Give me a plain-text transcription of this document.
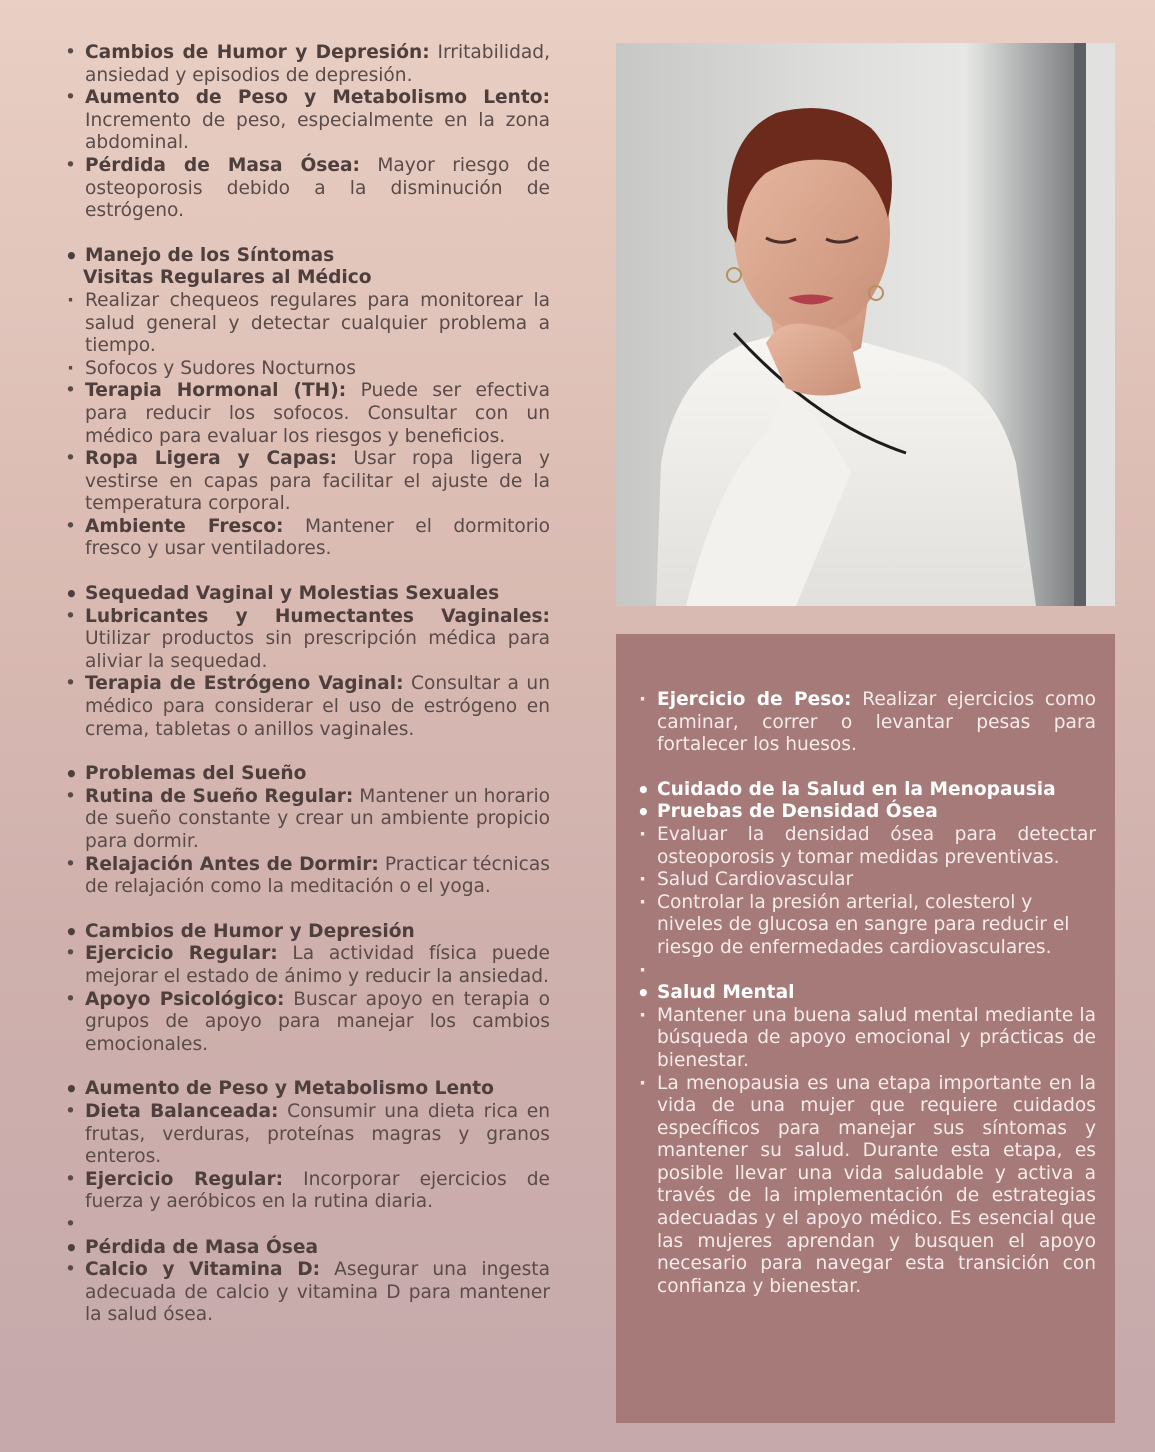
• Cambios de Humor y Depresión: Irritabilidad, ansiedad y episodios de depresión.
• Aumento de Peso y Metabolismo Lento: Incremento de peso, especialmente en la zona abdominal.
• Pérdida de Masa Ósea: Mayor riesgo de osteoporosis debido a la disminución de estrógeno.
• Manejo de los Síntomas
Visitas Regulares al Médico
· Realizar chequeos regulares para monitorear la salud general y detectar cualquier problema a tiempo.
· Sofocos y Sudores Nocturnos
• Terapia Hormonal (TH): Puede ser efectiva para reducir los sofocos. Consultar con un médico para evaluar los riesgos y beneficios.
• Ropa Ligera y Capas: Usar ropa ligera y vestirse en capas para facilitar el ajuste de la temperatura corporal.
• Ambiente Fresco: Mantener el dormitorio fresco y usar ventiladores.
• Sequedad Vaginal y Molestias Sexuales
• Lubricantes y Humectantes Vaginales: Utilizar productos sin prescripción médica para aliviar la sequedad.
• Terapia de Estrógeno Vaginal: Consultar a un médico para considerar el uso de estrógeno en crema, tabletas o anillos vaginales.
• Problemas del Sueño
• Rutina de Sueño Regular: Mantener un horario de sueño constante y crear un ambiente propicio para dormir.
• Relajación Antes de Dormir: Practicar técnicas de relajación como la meditación o el yoga.
• Cambios de Humor y Depresión
• Ejercicio Regular: La actividad física puede mejorar el estado de ánimo y reducir la ansiedad.
• Apoyo Psicológico: Buscar apoyo en terapia o grupos de apoyo para manejar los cambios emocionales.
• Aumento de Peso y Metabolismo Lento
• Dieta Balanceada: Consumir una dieta rica en frutas, verduras, proteínas magras y granos enteros.
• Ejercicio Regular: Incorporar ejercicios de fuerza y aeróbicos en la rutina diaria.
•
• Pérdida de Masa Ósea
• Calcio y Vitamina D: Asegurar una ingesta adecuada de calcio y vitamina D para mantener la salud ósea.
· Ejercicio de Peso: Realizar ejercicios como caminar, correr o levantar pesas para fortalecer los huesos.
• Cuidado de la Salud en la Menopausia
• Pruebas de Densidad Ósea
· Evaluar la densidad ósea para detectar osteoporosis y tomar medidas preventivas.
· Salud Cardiovascular
· Controlar la presión arterial, colesterol y niveles de glucosa en sangre para reducir el riesgo de enfermedades cardiovasculares.
·
• Salud Mental
· Mantener una buena salud mental mediante la búsqueda de apoyo emocional y prácticas de bienestar.
· La menopausia es una etapa importante en la vida de una mujer que requiere cuidados específicos para manejar sus síntomas y mantener su salud. Durante esta etapa, es posible llevar una vida saludable y activa a través de la implementación de estrategias adecuadas y el apoyo médico. Es esencial que las mujeres aprendan y busquen el apoyo necesario para navegar esta transición con confianza y bienestar.
